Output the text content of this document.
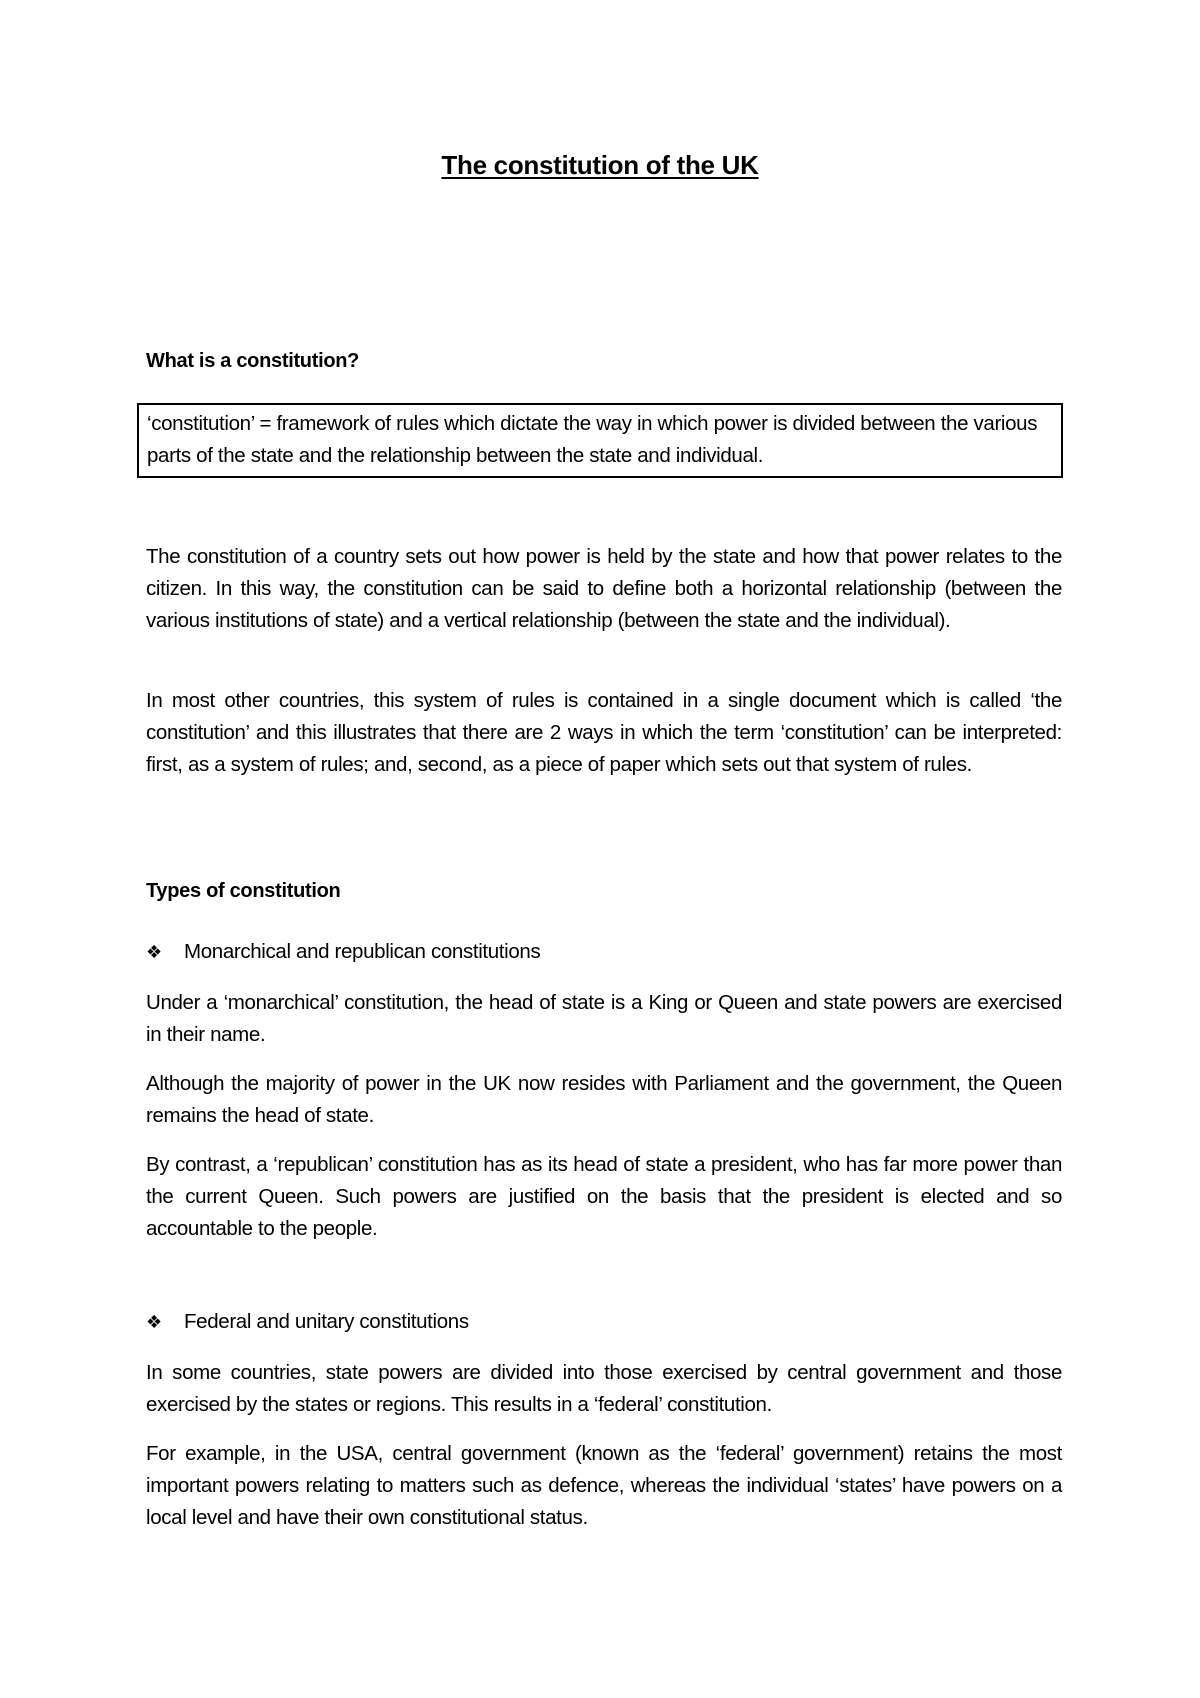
The constitution of the UK
What is a constitution?
‘constitution’ = framework of rules which dictate the way in which power is divided between the various parts of the state and the relationship between the state and individual.

The constitution of a country sets out how power is held by the state and how that power relates to the citizen. In this way, the constitution can be said to define both a horizontal relationship (between the various institutions of state) and a vertical relationship (between the state and the individual).

In most other countries, this system of rules is contained in a single document which is called ‘the constitution’ and this illustrates that there are 2 ways in which the term ‘constitution’ can be interpreted: first, as a system of rules; and, second, as a piece of paper which sets out that system of rules.

Types of constitution
❖	Monarchical and republican constitutions

Under a ‘monarchical’ constitution, the head of state is a King or Queen and state powers are exercised in their name.

Although the majority of power in the UK now resides with Parliament and the government, the Queen remains the head of state.

By contrast, a ‘republican’ constitution has as its head of state a president, who has far more power than the current Queen. Such powers are justified on the basis that the president is elected and so accountable to the people.

❖	Federal and unitary constitutions

In some countries, state powers are divided into those exercised by central government and those exercised by the states or regions. This results in a ‘federal’ constitution.

For example, in the USA, central government (known as the ‘federal’ government) retains the most important powers relating to matters such as defence, whereas the individual ‘states’ have powers on a local level and have their own constitutional status.
